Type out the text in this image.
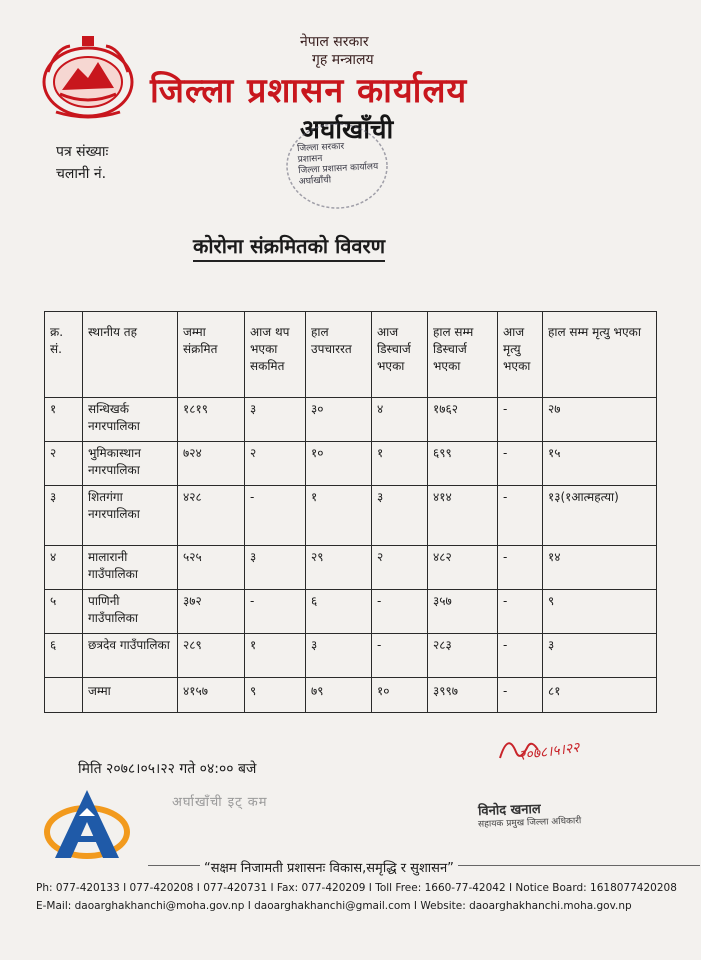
नेपाल सरकार
गृह मन्त्रालय
जिल्ला प्रशासन कार्यालय
अर्घाखाँची
जिल्ला सरकार
प्रशासन
जिल्ला प्रशासन कार्यालय
अर्घाखाँची
पत्र संख्याः
चलानी नं.
कोरोना संक्रमितको विवरण
क्र. सं.	स्थानीय तह	जम्मा संक्रमित	आज थप भएका सकमित	हाल उपचाररत	आज डिस्चार्ज भएका	हाल सम्म डिस्चार्ज भएका	आज मृत्यु भएका	हाल सम्म मृत्यु भएका
१	सन्धिखर्क नगरपालिका	१८१९	३	३०	४	१७६२	-	२७
२	भुमिकास्थान नगरपालिका	७२४	२	१०	१	६९९	-	१५
३	शितगंगा नगरपालिका	४२८	-	१	३	४१४	-	१३(१आत्महत्या)
४	मालारानी गाउँपालिका	५२५	३	२९	२	४८२	-	१४
५	पाणिनी गाउँपालिका	३७२	-	६	-	३५७	-	९
६	छत्रदेव गाउँपालिका	२८९	१	३	-	२८३	-	३
	जम्मा	४१५७	९	७९	१०	३९९७	-	८१
मिति २०७८।०५।२२ गते ०४:०० बजे
२०७८।५।२२
अर्घाखाँची इट् कम	विनोद खनाल
सहायक प्रमुख जिल्ला अधिकारी
“सक्षम निजामती प्रशासनः विकास,समृद्धि र सुशासन”
Ph: 077-420133 I 077-420208 I 077-420731 I Fax: 077-420209 I Toll Free: 1660-77-42042 I Notice Board: 1618077420208
E-Mail: daoarghakhanchi@moha.gov.np I daoarghakhanchi@gmail.com I Website: daoarghakhanchi.moha.gov.np
